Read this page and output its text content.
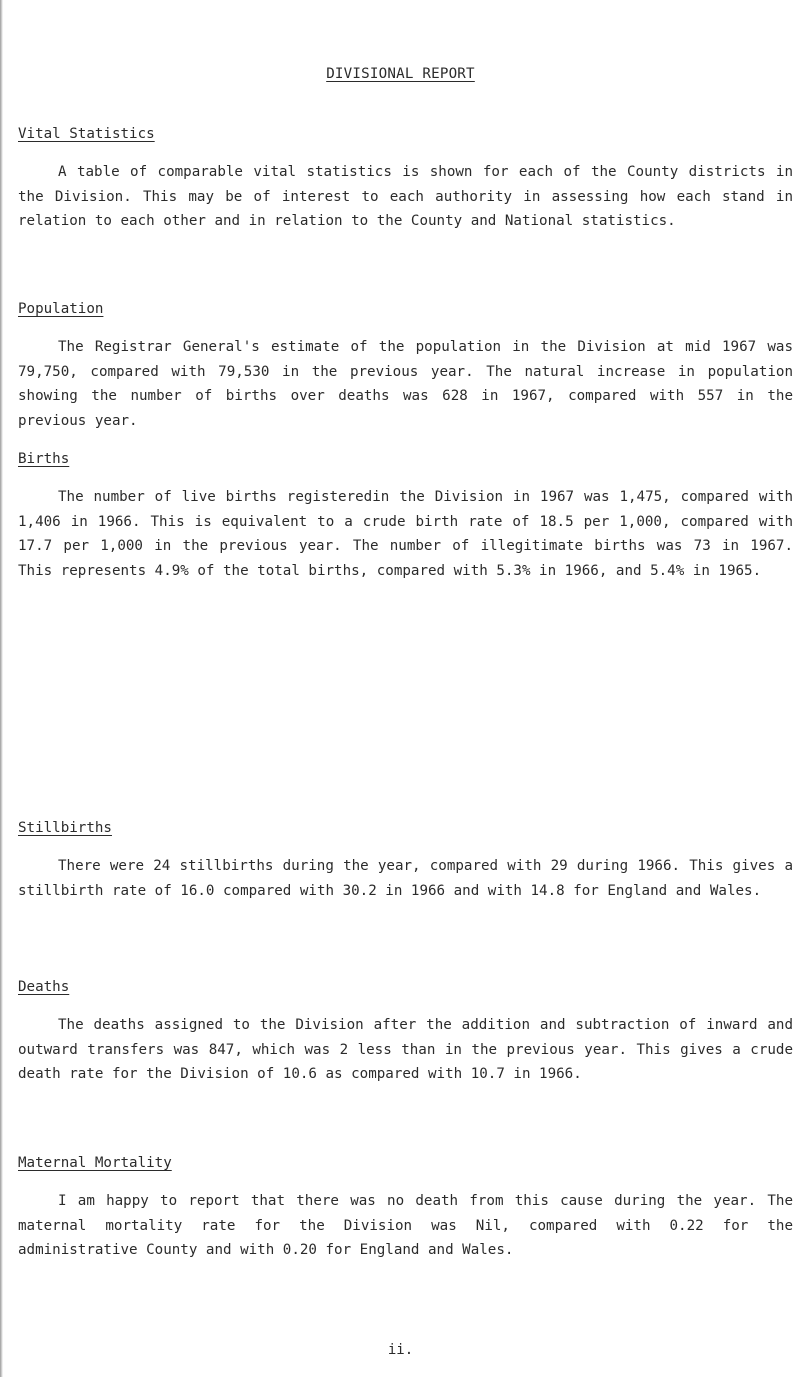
DIVISIONAL REPORT
Vital Statistics

A table of comparable vital statistics is shown for each of the County districts in the Division. This may be of interest to each authority in assessing how each stand in relation to each other and in relation to the County and National statistics.

Population

The Registrar General's estimate of the population in the Division at mid 1967 was 79,750, compared with 79,530 in the previous year. The natural increase in population showing the number of births over deaths was 628 in 1967, compared with 557 in the previous year.

Births

The number of live births registeredin the Division in 1967 was 1,475, compared with 1,406 in 1966. This is equivalent to a crude birth rate of 18.5 per 1,000, compared with 17.7 per 1,000 in the previous year. The number of illegitimate births was 73 in 1967. This represents 4.9% of the total births, compared with 5.3% in 1966, and 5.4% in 1965.

Stillbirths

There were 24 stillbirths during the year, compared with 29 during 1966. This gives a stillbirth rate of 16.0 compared with 30.2 in 1966 and with 14.8 for England and Wales.

Deaths

The deaths assigned to the Division after the addition and subtraction of inward and outward transfers was 847, which was 2 less than in the previous year. This gives a crude death rate for the Division of 10.6 as compared with 10.7 in 1966.

Maternal Mortality

I am happy to report that there was no death from this cause during the year. The maternal mortality rate for the Division was Nil, compared with 0.22 for the administrative County and with 0.20 for England and Wales.

ii.
